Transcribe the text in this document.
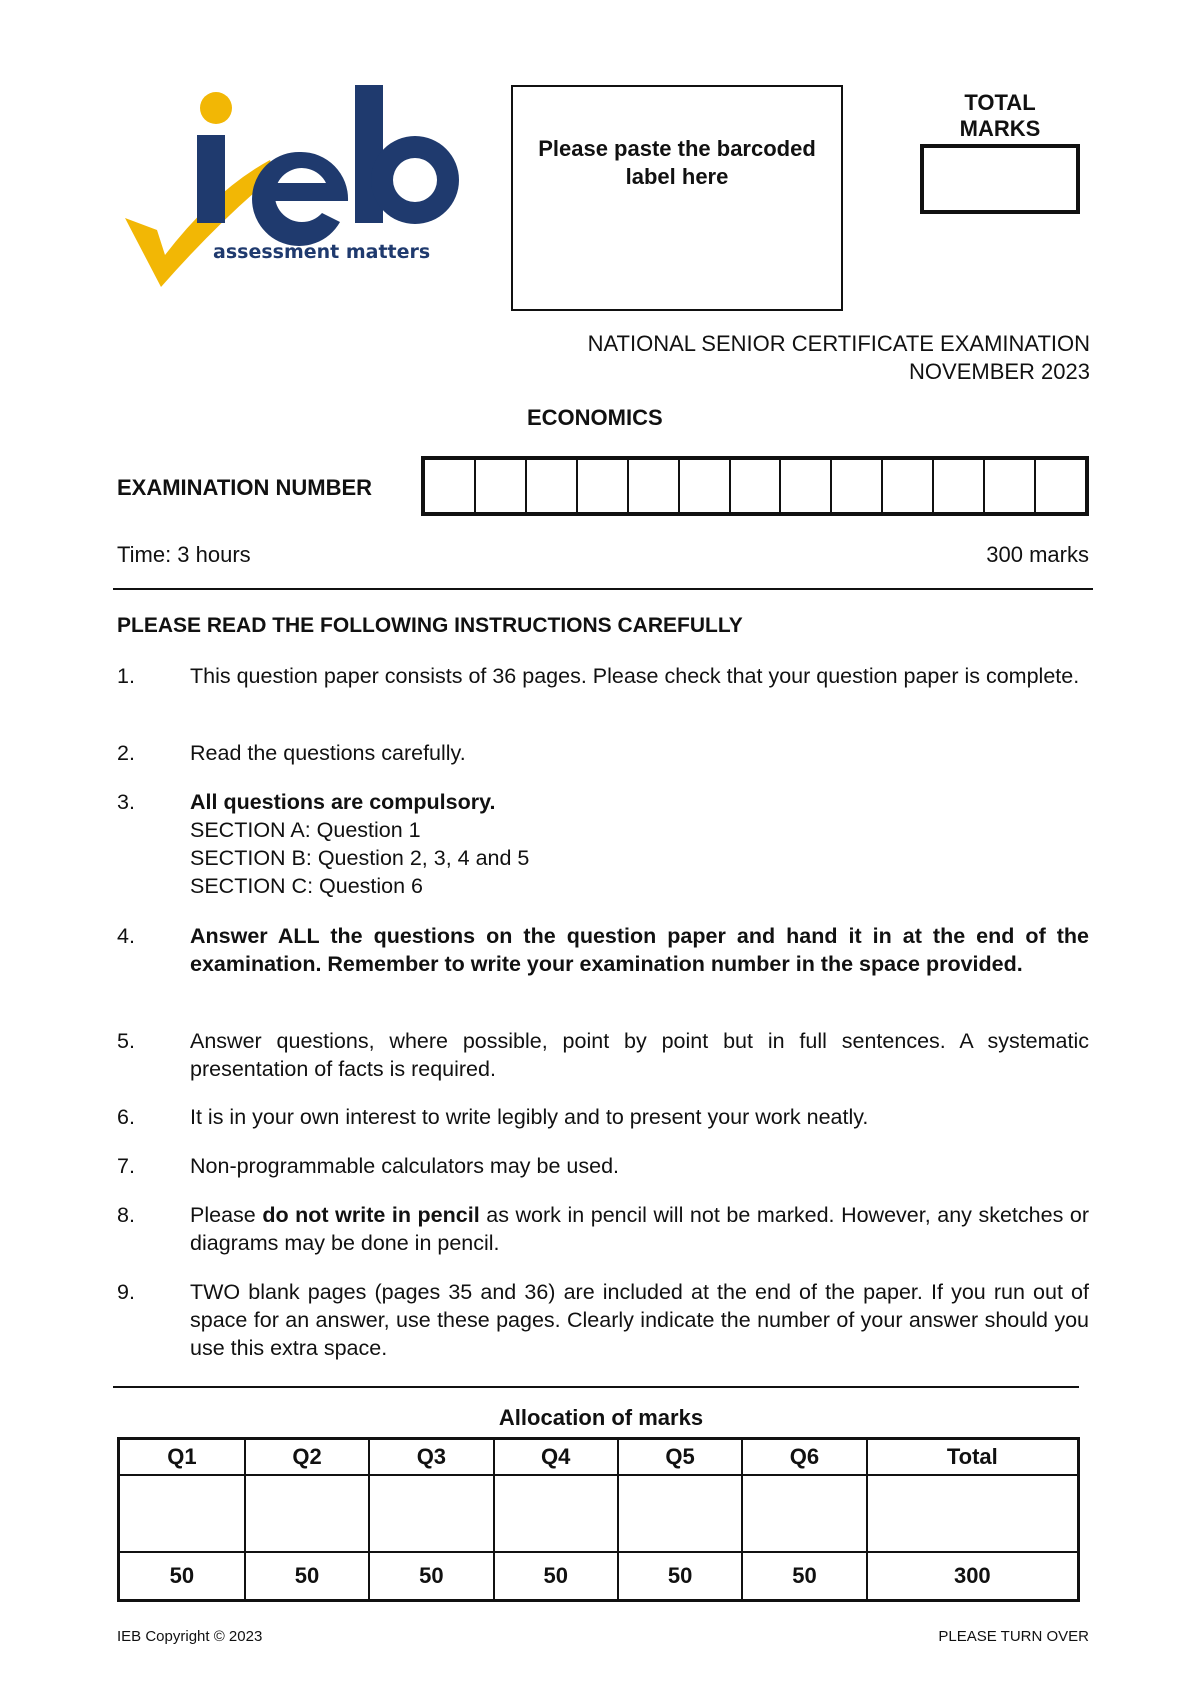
assessment matters
Please paste the barcoded
label here
TOTAL
MARKS
NATIONAL SENIOR CERTIFICATE EXAMINATION
NOVEMBER 2023
ECONOMICS
EXAMINATION NUMBER
Time: 3 hours	300 marks
PLEASE READ THE FOLLOWING INSTRUCTIONS CAREFULLY
1.	This question paper consists of 36 pages. Please check that your question paper is complete.
2.	Read the questions carefully.
3.	All questions are compulsory.
SECTION A: Question 1
SECTION B: Question 2, 3, 4 and 5
SECTION C: Question 6
4.	Answer ALL the questions on the question paper and hand it in at the end of the examination. Remember to write your examination number in the space provided.
5.	Answer questions, where possible, point by point but in full sentences. A systematic presentation of facts is required.
6.	It is in your own interest to write legibly and to present your work neatly.
7.	Non-programmable calculators may be used.
8.	Please do not write in pencil as work in pencil will not be marked. However, any sketches or diagrams may be done in pencil.
9.	TWO blank pages (pages 35 and 36) are included at the end of the paper. If you run out of space for an answer, use these pages. Clearly indicate the number of your answer should you use this extra space.
Allocation of marks
Q1	Q2	Q3	Q4	Q5	Q6	Total

50	50	50	50	50	50	300
IEB Copyright © 2023	PLEASE TURN OVER
